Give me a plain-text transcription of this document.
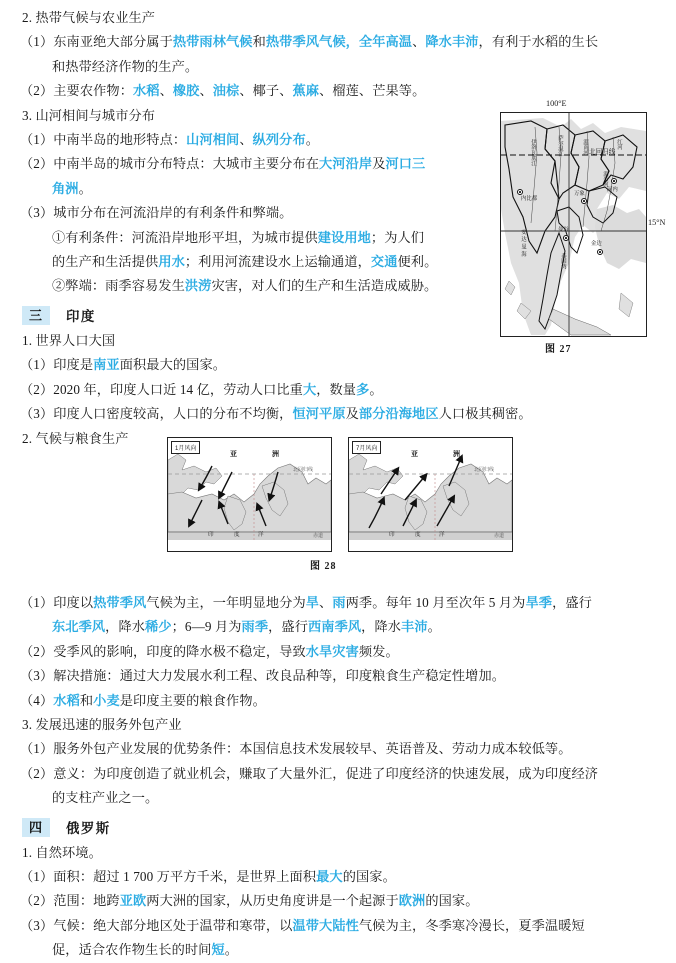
100°E
北回归线
伊洛瓦底江	萨尔温江	湄南河
湄公河
红河
内比都
万象
河内
曼谷
金边
安达曼海
泰国湾
15°N
图 27
2. 热带气候与农业生产
（1）东南亚绝大部分属于热带雨林气候和热带季风气候，全年高温、降水丰沛，有利于水稻的生长
和热带经济作物的生产。
（2）主要农作物：水稻、橡胶、油棕、椰子、蕉麻、榴莲、芒果等。
3. 山河相间与城市分布
（1）中南半岛的地形特点：山河相间、纵列分布。
（2）中南半岛的城市分布特点：大城市主要分布在大河沿岸及河口三
角洲。
（3）城市分布在河流沿岸的有利条件和弊端。
①有利条件：河流沿岸地形平坦，为城市提供建设用地；为人们
的生产和生活提供用水；利用河流建设水上运输通道，交通便利。
②弊端：雨季容易发生洪涝灾害，对人们的生产和生活造成威胁。
三	印度
1. 世界人口大国
（1）印度是南亚面积最大的国家。
（2）2020 年，印度人口近 14 亿，劳动人口比重大，数量多。
（3）印度人口密度较高，人口的分布不均衡，恒河平原及部分沿海地区人口极其稠密。
2. 气候与粮食生产
1月风向
亚	洲
北回归线
印	度	洋	赤道
7月风向
亚	洲
北回归线
印	度	洋	赤道
图 28
（1）印度以热带季风气候为主，一年明显地分为旱、雨两季。每年 10 月至次年 5 月为旱季，盛行
东北季风，降水稀少；6—9 月为雨季，盛行西南季风，降水丰沛。
（2）受季风的影响，印度的降水极不稳定，导致水旱灾害频发。
（3）解决措施：通过大力发展水利工程、改良品种等，印度粮食生产稳定性增加。
（4）水稻和小麦是印度主要的粮食作物。
3. 发展迅速的服务外包产业
（1）服务外包产业发展的优势条件：本国信息技术发展较早、英语普及、劳动力成本较低等。
（2）意义：为印度创造了就业机会，赚取了大量外汇，促进了印度经济的快速发展，成为印度经济
的支柱产业之一。
四	俄罗斯
1. 自然环境。
（1）面积：超过 1 700 万平方千米，是世界上面积最大的国家。
（2）范围：地跨亚欧两大洲的国家，从历史角度讲是一个起源于欧洲的国家。
（3）气候：绝大部分地区处于温带和寒带，以温带大陆性气候为主，冬季寒冷漫长，夏季温暖短
促，适合农作物生长的时间短。
